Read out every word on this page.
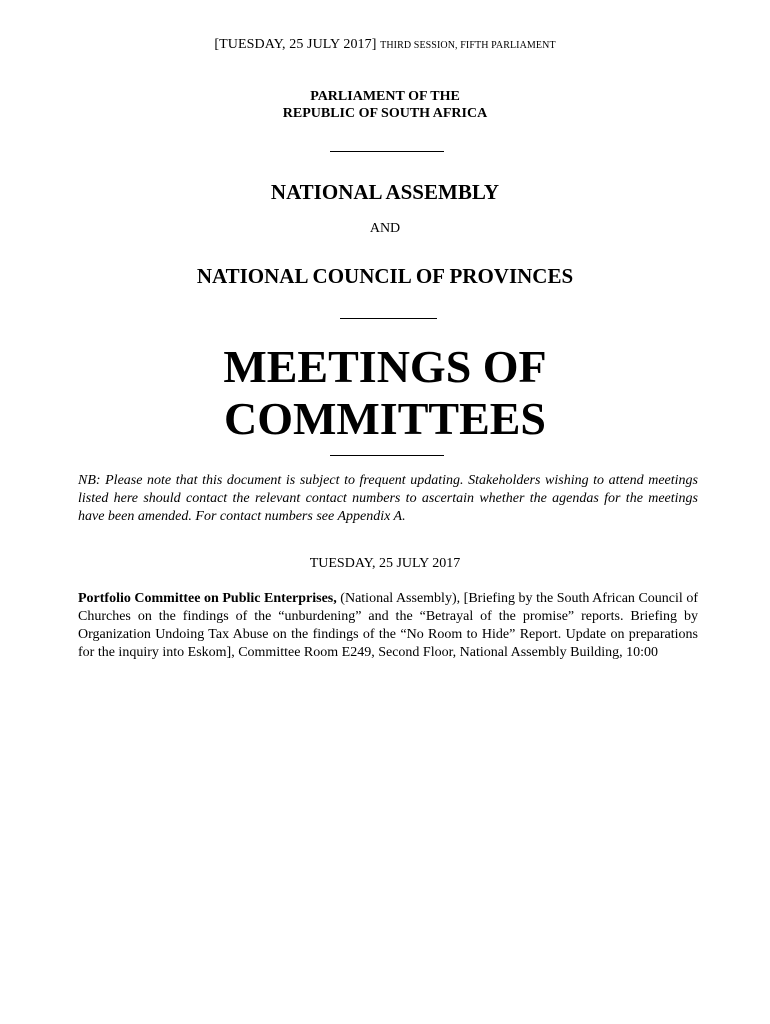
[TUESDAY, 25 JULY 2017] THIRD SESSION, FIFTH PARLIAMENT
PARLIAMENT OF THE
REPUBLIC OF SOUTH AFRICA
NATIONAL ASSEMBLY
AND
NATIONAL COUNCIL OF PROVINCES
MEETINGS OF
COMMITTEES
NB: Please note that this document is subject to frequent updating. Stakeholders wishing to attend meetings listed here should contact the relevant contact numbers to ascertain whether the agendas for the meetings have been amended. For contact numbers see Appendix A.
TUESDAY, 25 JULY 2017
Portfolio Committee on Public Enterprises, (National Assembly), [Briefing by the South African Council of Churches on the findings of the “unburdening” and the “Betrayal of the promise” reports. Briefing by Organization Undoing Tax Abuse on the findings of the “No Room to Hide” Report. Update on preparations for the inquiry into Eskom], Committee Room E249, Second Floor, National Assembly Building, 10:00
